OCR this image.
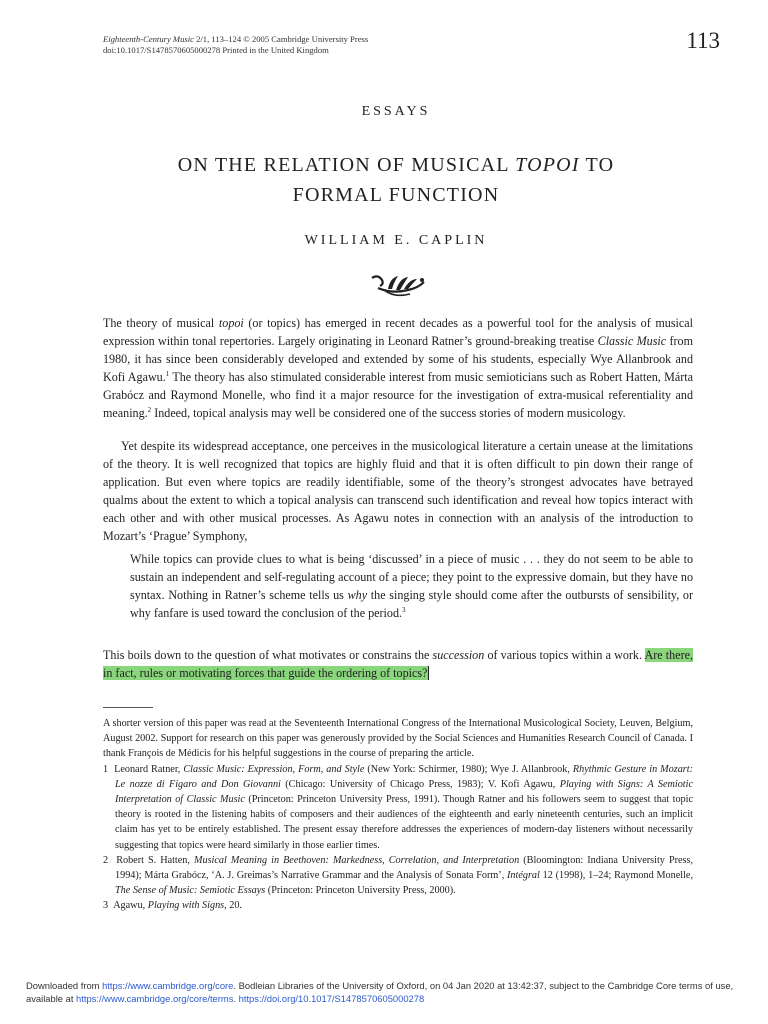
Eighteenth-Century Music 2/1, 113–124 © 2005 Cambridge University Press
doi:10.1017/S1478570605000278 Printed in the United Kingdom	113
ESSAYS
ON THE RELATION OF MUSICAL TOPOI TO
FORMAL FUNCTION
WILLIAM E. CAPLIN

The theory of musical topoi (or topics) has emerged in recent decades as a powerful tool for the analysis of musical expression within tonal repertories. Largely originating in Leonard Ratner’s ground-breaking treatise Classic Music from 1980, it has since been considerably developed and extended by some of his students, especially Wye Allanbrook and Kofi Agawu.$^1$ The theory has also stimulated considerable interest from music semioticians such as Robert Hatten, Márta Grabócz and Raymond Monelle, who find it a major resource for the investigation of extra-musical referentiality and meaning.$^2$ Indeed, topical analysis may well be considered one of the success stories of modern musicology.

Yet despite its widespread acceptance, one perceives in the musicological literature a certain unease at the limitations of the theory. It is well recognized that topics are highly fluid and that it is often difficult to pin down their range of application. But even where topics are readily identifiable, some of the theory’s strongest advocates have betrayed qualms about the extent to which a topical analysis can transcend such identification and reveal how topics interact with each other and with other musical processes. As Agawu notes in connection with an analysis of the introduction to Mozart’s ‘Prague’ Symphony,

While topics can provide clues to what is being ‘discussed’ in a piece of music . . . they do not seem to be able to sustain an independent and self-regulating account of a piece; they point to the expressive domain, but they have no syntax. Nothing in Ratner’s scheme tells us why the singing style should come after the outbursts of sensibility, or why fanfare is used toward the conclusion of the period.$^3$

This boils down to the question of what motivates or constrains the succession of various topics within a work. Are there, in fact, rules or motivating forces that guide the ordering of topics?

A shorter version of this paper was read at the Seventeenth International Congress of the International Musicological Society, Leuven, Belgium, August 2002. Support for research on this paper was generously provided by the Social Sciences and Humanities Research Council of Canada. I thank François de Médicis for his helpful suggestions in the course of preparing the article.

1 Leonard Ratner, Classic Music: Expression, Form, and Style (New York: Schirmer, 1980); Wye J. Allanbrook, Rhythmic Gesture in Mozart: Le nozze di Figaro and Don Giovanni (Chicago: University of Chicago Press, 1983); V. Kofi Agawu, Playing with Signs: A Semiotic Interpretation of Classic Music (Princeton: Princeton University Press, 1991). Though Ratner and his followers seem to suggest that topic theory is rooted in the listening habits of composers and their audiences of the eighteenth and early nineteenth centuries, such an implicit claim has yet to be entirely established. The present essay therefore addresses the experiences of modern-day listeners without necessarily suggesting that topics were heard similarly in those earlier times.

2 Robert S. Hatten, Musical Meaning in Beethoven: Markedness, Correlation, and Interpretation (Bloomington: Indiana University Press, 1994); Márta Grabócz, ‘A. J. Greimas’s Narrative Grammar and the Analysis of Sonata Form’, Intégral 12 (1998), 1–24; Raymond Monelle, The Sense of Music: Semiotic Essays (Princeton: Princeton University Press, 2000).

3 Agawu, Playing with Signs, 20.

Downloaded from https://www.cambridge.org/core. Bodleian Libraries of the University of Oxford, on 04 Jan 2020 at 13:42:37, subject to the Cambridge Core terms of use, available at https://www.cambridge.org/core/terms. https://doi.org/10.1017/S1478570605000278
